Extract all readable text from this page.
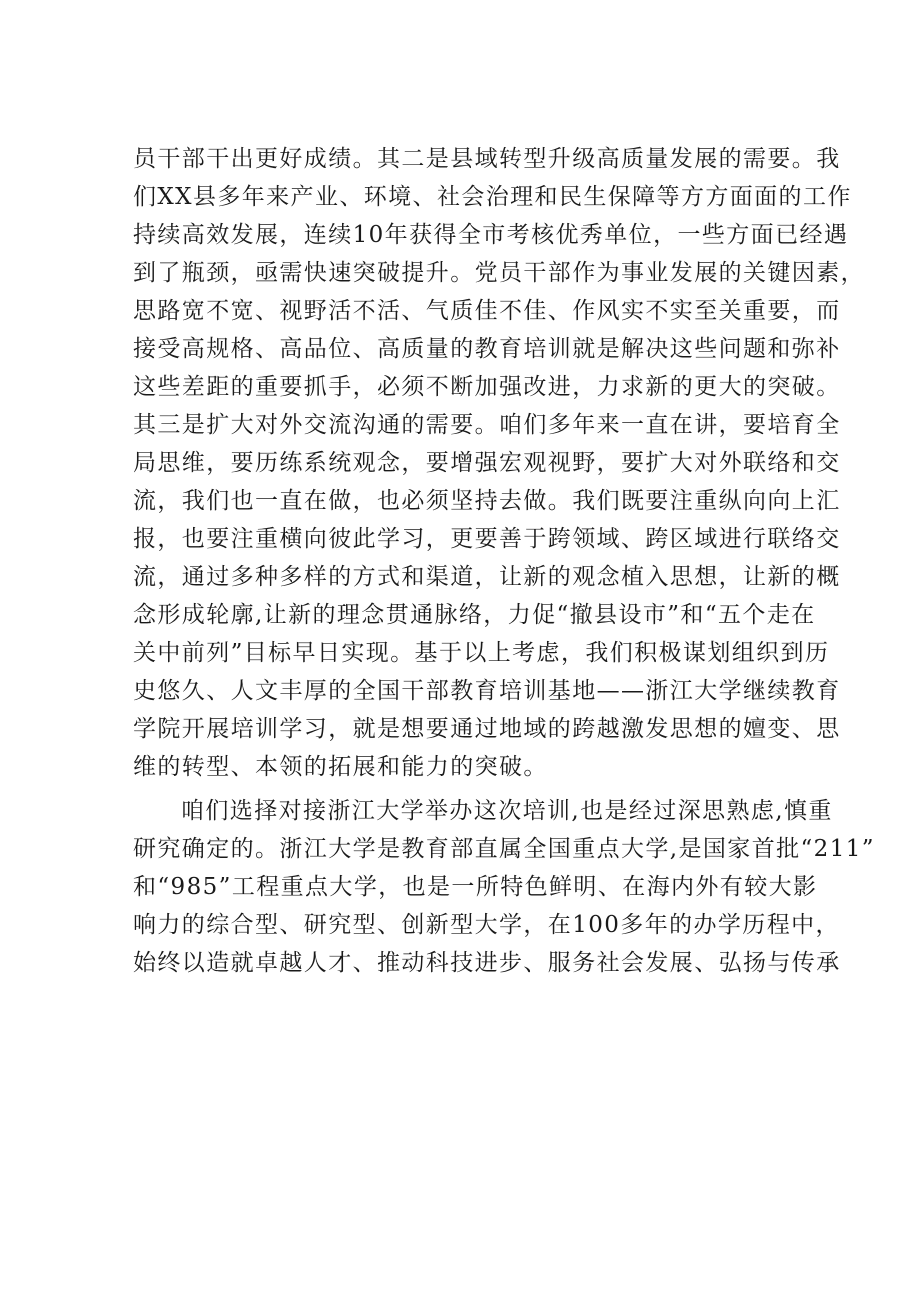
员干部干出更好成绩。其二是县域转型升级高质量发展的需要。我
们XX县多年来产业、环境、社会治理和民生保障等方方面面的工作
持续高效发展，连续10年获得全市考核优秀单位，一些方面已经遇
到了瓶颈，亟需快速突破提升。党员干部作为事业发展的关键因素，
思路宽不宽、视野活不活、气质佳不佳、作风实不实至关重要，而
接受高规格、高品位、高质量的教育培训就是解决这些问题和弥补
这些差距的重要抓手，必须不断加强改进，力求新的更大的突破。
其三是扩大对外交流沟通的需要。咱们多年来一直在讲，要培育全
局思维，要历练系统观念，要增强宏观视野，要扩大对外联络和交
流，我们也一直在做，也必须坚持去做。我们既要注重纵向向上汇
报，也要注重横向彼此学习，更要善于跨领域、跨区域进行联络交
流，通过多种多样的方式和渠道，让新的观念植入思想，让新的概
念形成轮廓,让新的理念贯通脉络，力促“撤县设市”和“五个走在
关中前列”目标早日实现。基于以上考虑，我们积极谋划组织到历
史悠久、人文丰厚的全国干部教育培训基地——浙江大学继续教育
学院开展培训学习，就是想要通过地域的跨越激发思想的嬗变、思
维的转型、本领的拓展和能力的突破。
咱们选择对接浙江大学举办这次培训,也是经过深思熟虑,慎重
研究确定的。浙江大学是教育部直属全国重点大学,是国家首批“211”
和“985”工程重点大学，也是一所特色鲜明、在海内外有较大影
响力的综合型、研究型、创新型大学，在100多年的办学历程中，
始终以造就卓越人才、推动科技进步、服务社会发展、弘扬与传承
